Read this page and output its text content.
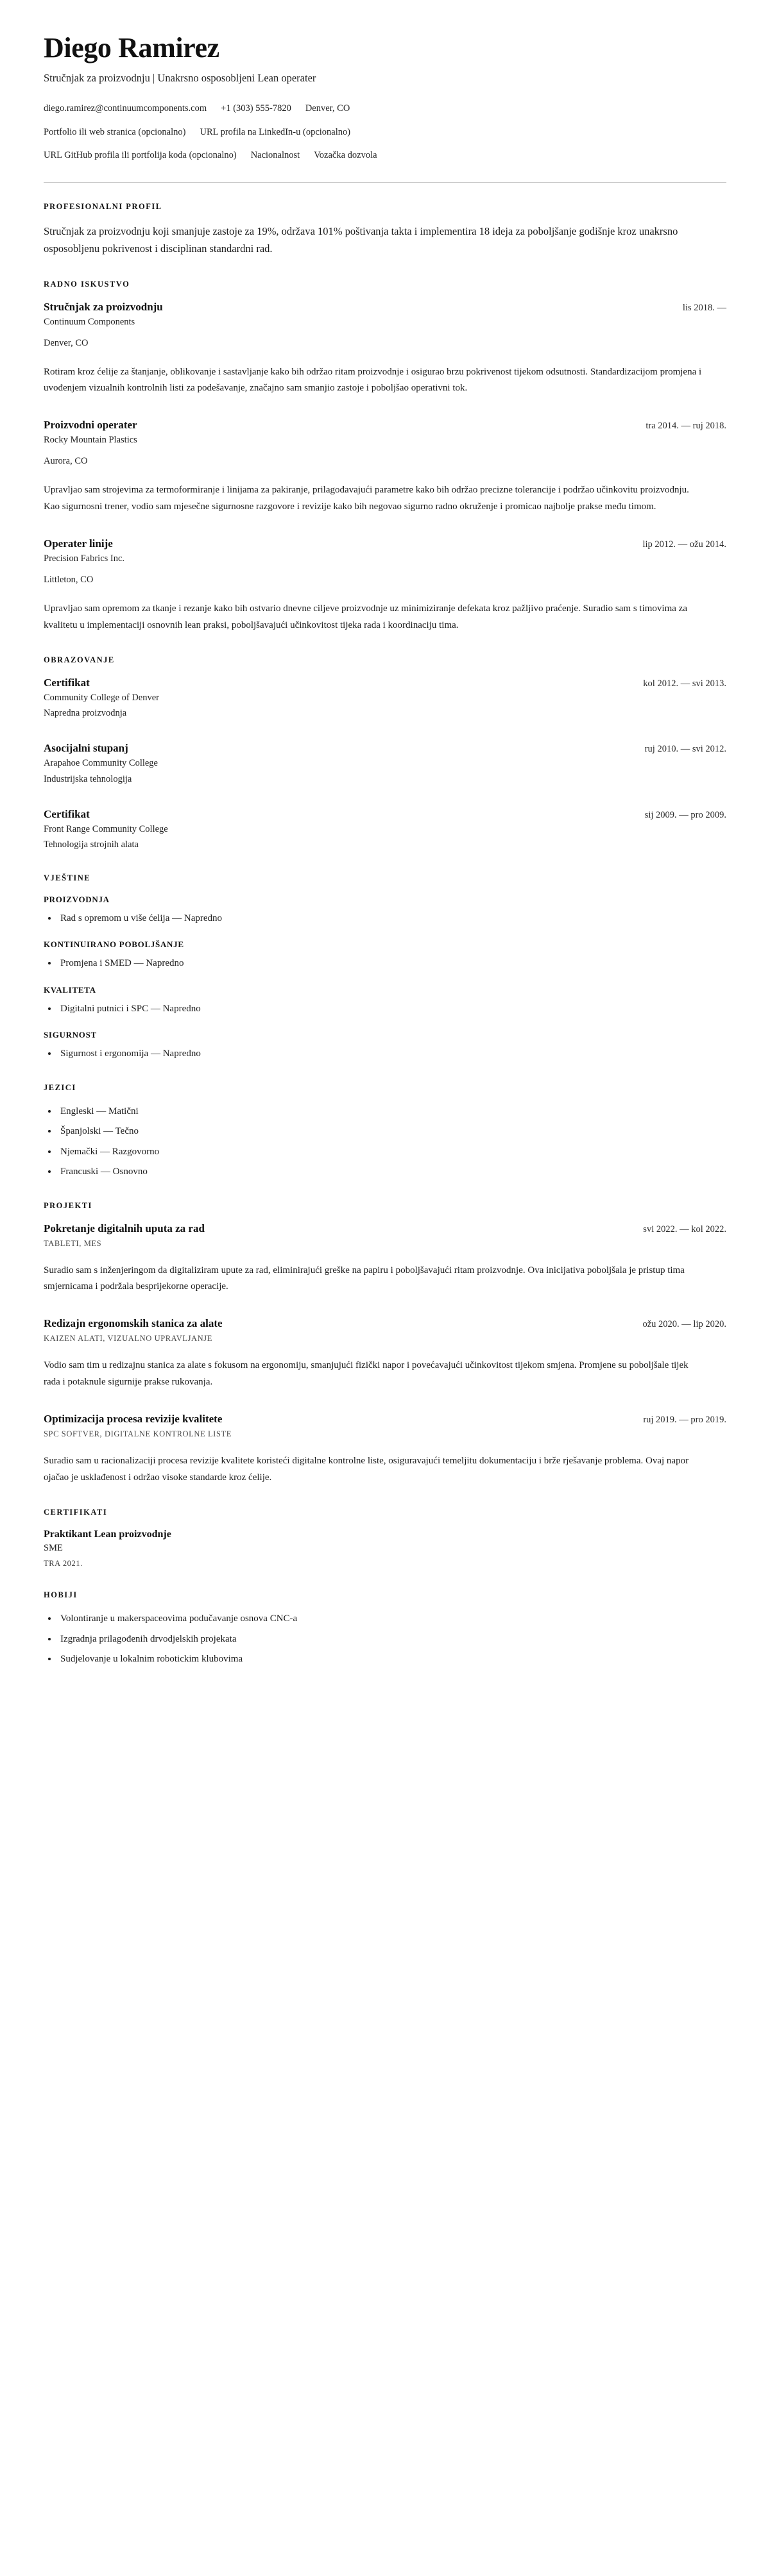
Diego Ramirez

Stručnjak za proizvodnju | Unakrsno osposobljeni Lean operater

diego.ramirez@continuumcomponents.com +1 (303) 555-7820 Denver, CO

Portfolio ili web stranica (opcionalno) URL profila na LinkedIn-u (opcionalno)

URL GitHub profila ili portfolija koda (opcionalno) Nacionalnost Vozačka dozvola

PROFESIONALNI PROFIL

Stručnjak za proizvodnju koji smanjuje zastoje za 19%, održava 101% poštivanja takta i implementira 18 ideja za poboljšanje godišnje kroz unakrsno osposobljenu pokrivenost i disciplinan standardni rad.

RADNO ISKUSTVO
Stručnjak za proizvodnju	lis 2018. —

Continuum Components

Denver, CO

Rotiram kroz ćelije za štanjanje, oblikovanje i sastavljanje kako bih održao ritam proizvodnje i osigurao brzu pokrivenost tijekom odsutnosti. Standardizacijom promjena i uvođenjem vizualnih kontrolnih listi za podešavanje, značajno sam smanjio zastoje i poboljšao operativni tok.

Proizvodni operater	tra 2014. — ruj 2018.

Rocky Mountain Plastics

Aurora, CO

Upravljao sam strojevima za termoformiranje i linijama za pakiranje, prilagođavajući parametre kako bih održao precizne tolerancije i podržao učinkovitu proizvodnju. Kao sigurnosni trener, vodio sam mjesečne sigurnosne razgovore i revizije kako bih negovao sigurno radno okruženje i promicao najbolje prakse među timom.

Operater linije	lip 2012. — ožu 2014.

Precision Fabrics Inc.

Littleton, CO

Upravljao sam opremom za tkanje i rezanje kako bih ostvario dnevne ciljeve proizvodnje uz minimiziranje defekata kroz pažljivo praćenje. Suradio sam s timovima za kvalitetu u implementaciji osnovnih lean praksi, poboljšavajući učinkovitost tijeka rada i koordinaciju tima.

OBRAZOVANJE
Certifikat	kol 2012. — svi 2013.

Community College of Denver

Napredna proizvodnja

Asocijalni stupanj	ruj 2010. — svi 2012.

Arapahoe Community College

Industrijska tehnologija

Certifikat	sij 2009. — pro 2009.

Front Range Community College

Tehnologija strojnih alata

VJEŠTINE
PROIZVODNJA
Rad s opremom u više ćelija — Napredno
KONTINUIRANO POBOLJŠANJE
Promjena i SMED — Napredno
KVALITETA
Digitalni putnici i SPC — Napredno
SIGURNOST
Sigurnost i ergonomija — Napredno
JEZICI
Engleski — Matični
Španjolski — Tečno
Njemački — Razgovorno
Francuski — Osnovno
PROJEKTI
Pokretanje digitalnih uputa za rad	svi 2022. — kol 2022.

TABLETI, MES

Suradio sam s inženjeringom da digitaliziram upute za rad, eliminirajući greške na papiru i poboljšavajući ritam proizvodnje. Ova inicijativa poboljšala je pristup tima smjernicama i podržala besprijekorne operacije.

Redizajn ergonomskih stanica za alate	ožu 2020. — lip 2020.

KAIZEN ALATI, VIZUALNO UPRAVLJANJE

Vodio sam tim u redizajnu stanica za alate s fokusom na ergonomiju, smanjujući fizički napor i povećavajući učinkovitost tijekom smjena. Promjene su poboljšale tijek rada i potaknule sigurnije prakse rukovanja.

Optimizacija procesa revizije kvalitete	ruj 2019. — pro 2019.

SPC SOFTVER, DIGITALNE KONTROLNE LISTE

Suradio sam u racionalizaciji procesa revizije kvalitete koristeći digitalne kontrolne liste, osiguravajući temeljitu dokumentaciju i brže rješavanje problema. Ovaj napor ojačao je usklađenost i održao visoke standarde kroz ćelije.

CERTIFIKATI
Praktikant Lean proizvodnje

SME

TRA 2021.

HOBIJI
Volontiranje u makerspaceovima podučavanje osnova CNC-a
Izgradnja prilagođenih drvodjelskih projekata
Sudjelovanje u lokalnim robotickim klubovima
